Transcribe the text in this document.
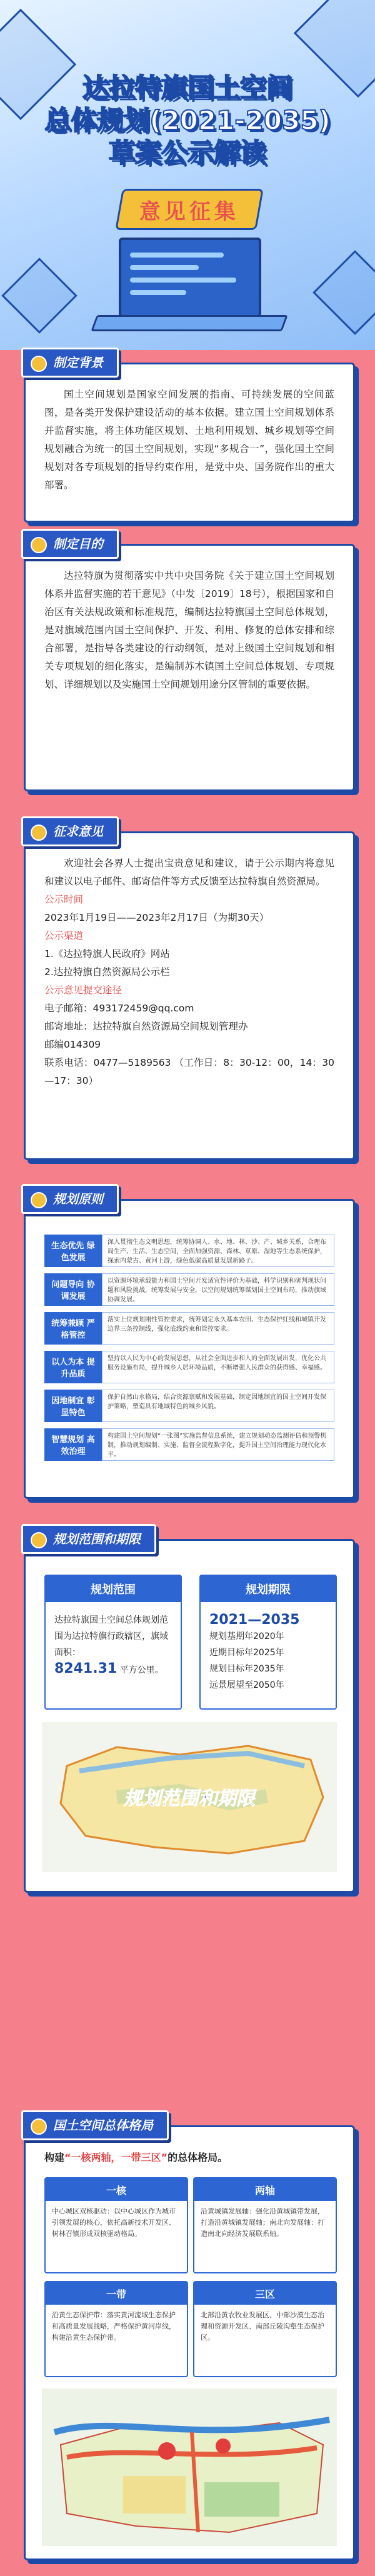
达拉特旗国土空间
总体规划(2021-2035)
草案公示解读
意见征集

国土空间规划是国家空间发展的指南、可持续发展的空间蓝图，是各类开发保护建设活动的基本依据。建立国土空间规划体系并监督实施，将主体功能区规划、土地利用规划、城乡规划等空间规划融合为统一的国土空间规划，实现“多规合一”，强化国土空间规划对各专项规划的指导约束作用，是党中央、国务院作出的重大部署。

制定背景

达拉特旗为贯彻落实中共中央国务院《关于建立国土空间规划体系并监督实施的若干意见》（中发〔2019〕18号），根据国家和自治区有关法规政策和标准规范，编制达拉特旗国土空间总体规划，是对旗域范围内国土空间保护、开发、利用、修复的总体安排和综合部署，是指导各类建设的行动纲领，是对上级国土空间规划和相关专项规划的细化落实，是编制苏木镇国土空间总体规划、专项规划、详细规划以及实施国土空间规划用途分区管制的重要依据。

制定目的

欢迎社会各界人士提出宝贵意见和建议，请于公示期内将意见和建议以电子邮件、邮寄信件等方式反馈至达拉特旗自然资源局。

公示时间
2023年1月19日——2023年2月17日（为期30天）
公示渠道
1.《达拉特旗人民政府》网站
2.达拉特旗自然资源局公示栏
公示意见提交途径
电子邮箱：493172459@qq.com
邮寄地址：达拉特旗自然资源局空间规划管理办
邮编014309
联系电话：0477—5189563 （工作日：8：30-12：00，14：30—17：30）
征求意见
生态优先 绿色发展
深入贯彻生态文明思想，统筹协调人、水、地、林、沙、产、城乡关系，合理布局生产、生活、生态空间，全面加强资源、森林、草原、湿地等生态系统保护，探索内蒙古、黄河上游，绿色低碳高质量发展新路子。
问题导向 协调发展
以资源环境承载能力和国土空间开发适宜性评价为基础，科学识别和研判现状问题和风险挑战，统筹发展与安全，以空间规划统筹谋划国土空间布局，推动旗域协调发展。
统筹兼顾 严格管控
落实上位规划刚性管控要求，统筹划定永久基本农田、生态保护红线和城镇开发边界三条控制线，强化底线约束和管控要求。
以人为本 提升品质
坚持以人民为中心的发展思想，从社会全面进步和人的全面发展出发，优化公共服务设施布局，提升城乡人居环境品质，不断增强人民群众的获得感、幸福感。
因地制宜 彰显特色
保护自然山水格局，结合资源禀赋和发展基础，制定因地制宜的国土空间开发保护策略，塑造具有地域特色的城乡风貌。
智慧规划 高效治理
构建国土空间规划“一张图”实施监督信息系统，建立规划动态监测评估和预警机制，推动规划编制、实施、监督全流程数字化，提升国土空间治理能力现代化水平。
规划原则
规划范围
达拉特旗国土空间总体规划范围为达拉特旗行政辖区，旗域面积：
8241.31 平方公里。
规划期限
2021—2035
规划基期年2020年
近期目标年2025年
规划目标年2035年
远景展望至2050年
规划范围和期限
规划范围和期限
构建“一核两轴，一带三区”的总体格局。
一核
中心城区双核驱动：以中心城区作为城市引领发展的核心，依托高新技术开发区、树林召镇形成双核驱动格局。
两轴
沿黄城镇发展轴：强化沿黄城镇带发展，打造沿黄城镇发展轴；南北向发展轴：打造南北向经济发展联系轴。
一带
沿黄生态保护带：落实黄河流域生态保护和高质量发展战略，严格保护黄河岸线，构建沿黄生态保护带。
三区
北部沿黄农牧业发展区、中部沙漠生态治理和资源开发区、南部丘陵沟壑生态保护区。
国土空间总体格局
